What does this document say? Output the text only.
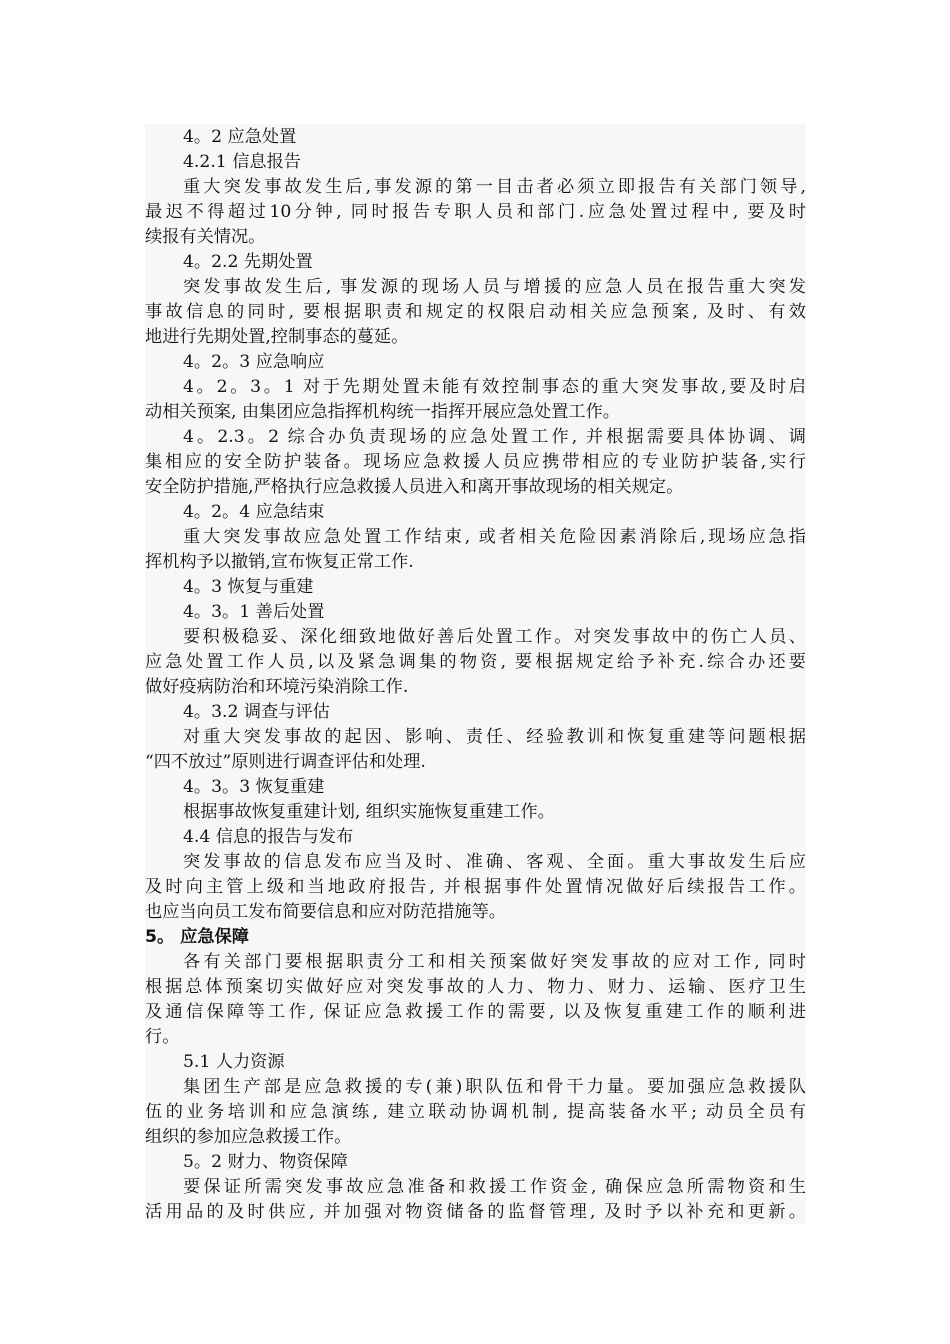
4。2 应急处置
4.2.1 信息报告
重大突发事故发生后,事发源的第一目击者必须立即报告有关部门领导,
最迟不得超过10分钟, 同时报告专职人员和部门.应急处置过程中, 要及时
续报有关情况。
4。2.2 先期处置
突发事故发生后, 事发源的现场人员与增援的应急人员在报告重大突发
事故信息的同时, 要根据职责和规定的权限启动相关应急预案, 及时、有效
地进行先期处置,控制事态的蔓延。
4。2。3 应急响应
4。2。3。1 对于先期处置未能有效控制事态的重大突发事故,要及时启
动相关预案, 由集团应急指挥机构统一指挥开展应急处置工作。
4。2.3。2 综合办负责现场的应急处置工作, 并根据需要具体协调、调
集相应的安全防护装备。现场应急救援人员应携带相应的专业防护装备,实行
安全防护措施,严格执行应急救援人员进入和离开事故现场的相关规定。
4。2。4 应急结束
重大突发事故应急处置工作结束, 或者相关危险因素消除后,现场应急指
挥机构予以撤销,宣布恢复正常工作.
4。3 恢复与重建
4。3。1 善后处置
要积极稳妥、深化细致地做好善后处置工作。对突发事故中的伤亡人员、
应急处置工作人员,以及紧急调集的物资, 要根据规定给予补充.综合办还要
做好疫病防治和环境污染消除工作.
4。3.2 调查与评估
对重大突发事故的起因、影响、责任、经验教训和恢复重建等问题根据
“四不放过”原则进行调查评估和处理.
4。3。3 恢复重建
根据事故恢复重建计划, 组织实施恢复重建工作。
4.4 信息的报告与发布
突发事故的信息发布应当及时、准确、客观、全面。重大事故发生后应
及时向主管上级和当地政府报告, 并根据事件处置情况做好后续报告工作。
也应当向员工发布简要信息和应对防范措施等。
5。 应急保障
各有关部门要根据职责分工和相关预案做好突发事故的应对工作, 同时
根据总体预案切实做好应对突发事故的人力、物力、财力、运输、医疗卫生
及通信保障等工作, 保证应急救援工作的需要, 以及恢复重建工作的顺利进
行。
5.1 人力资源
集团生产部是应急救援的专(兼)职队伍和骨干力量。要加强应急救援队
伍的业务培训和应急演练, 建立联动协调机制, 提高装备水平; 动员全员有
组织的参加应急救援工作。
5。2 财力、物资保障
要保证所需突发事故应急准备和救援工作资金, 确保应急所需物资和生
活用品的及时供应, 并加强对物资储备的监督管理, 及时予以补充和更新。
